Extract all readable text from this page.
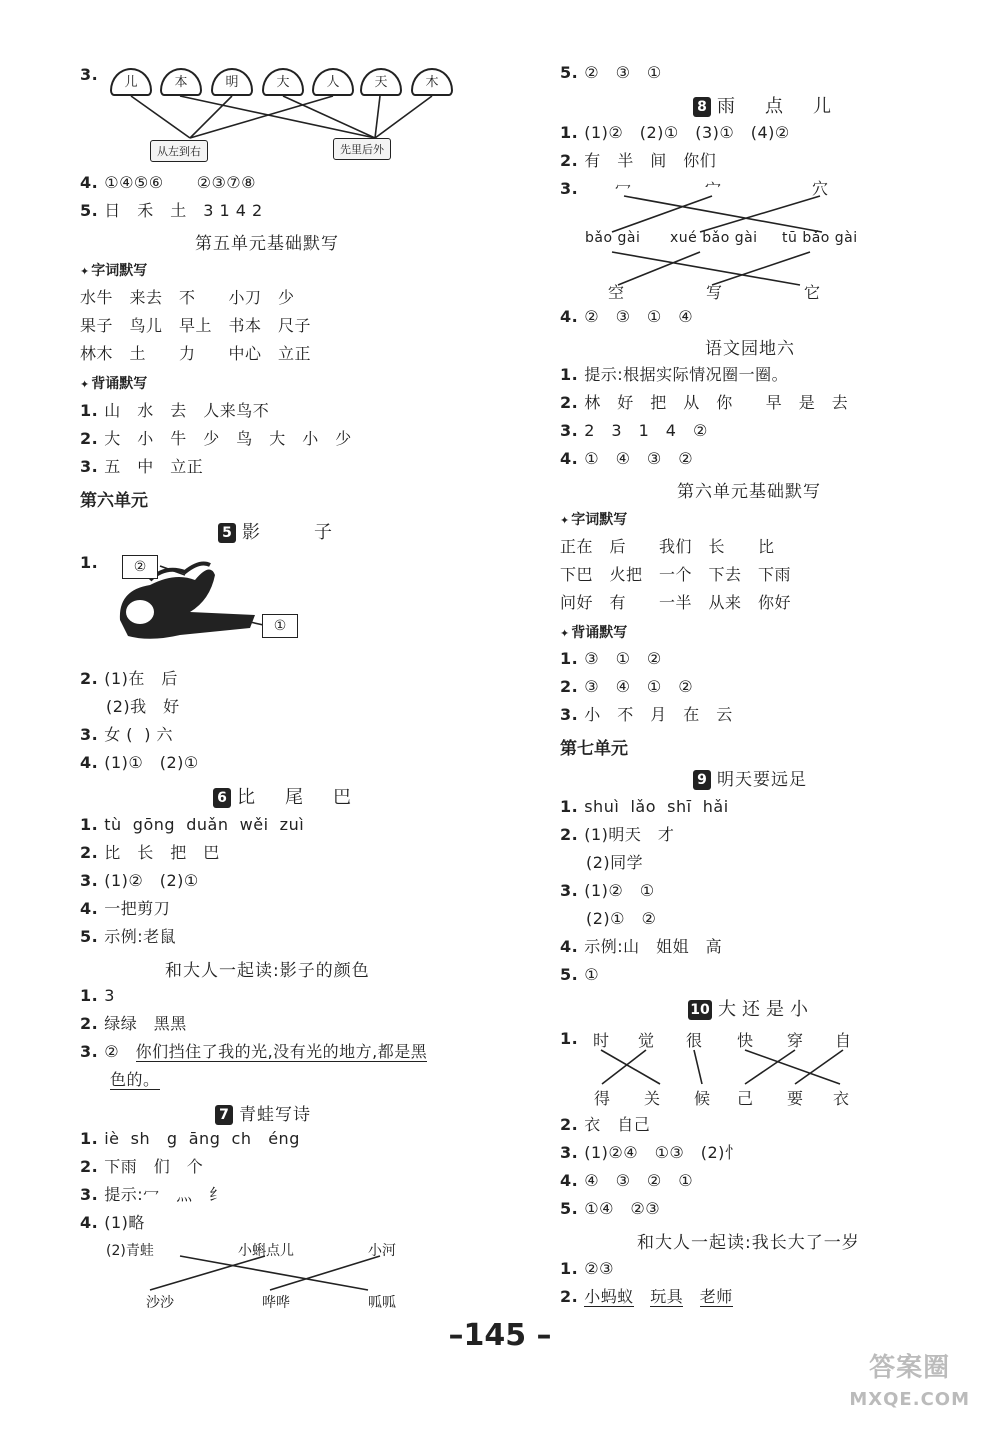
3.	儿	本	明	大	人	天	木
从左到右	先里后外
4. ①④⑤⑥　　②③⑦⑧
5. 日　禾　土　3 1 4 2
第五单元基础默写
✦ 字词默写
水牛　来去　不　　小刀　少
果子　鸟儿　早上　书本　尺子
林木　土　　力　　中心　立正
✦ 背诵默写
1. 山　水　去　人来鸟不
2. 大　小　牛　少　鸟　大　小　少
3. 五　中　立正
第六单元
5 影　　子
1.	②
①
2. (1)在　后
(2)我　好
3. 女 (  ) 六
4. (1)①　(2)①
6 比　尾　巴
1. tù  gōng  duǎn  wěi  zuì
2. 比　长　把　巴
3. (1)②　(2)①
4. 一把剪刀
5. 示例:老鼠
和大人一起读:影子的颜色
1. 3
2. 绿绿　黑黑
3. ②　你们挡住了我的光,没有光的地方,都是黑
色的。
7 青蛙写诗
1. iè  sh   g  āng  ch   éng
2. 下雨　们　个
3. 提示:冖　灬　纟
4. (1)略
(2)青蛙	小蝌点儿	小河
沙沙	哗哗	呱呱
5. ②　③　①
8 雨　点　儿
1. (1)②　(2)①　(3)①　(4)②
2. 有　半　间　你们
3.	冖	宀	穴
bǎo gài xué bǎo gài tū bǎo gài
空	写	它
4. ②　③　①　④
语文园地六
1. 提示:根据实际情况圈一圈。
2. 林　好　把　从　你　　早　是　去
3. 2　3　1　4　②
4. ①　④　③　②
第六单元基础默写
✦ 字词默写
正在　后　　我们　长　　比
下巴　火把　一个　下去　下雨
问好　有　　一半　从来　你好
✦ 背诵默写
1. ③　①　②
2. ③　④　①　②
3. 小　不　月　在　云
第七单元
9 明天要远足
1. shuì  lǎo  shī  hǎi
2. (1)明天　才
(2)同学
3. (1)②　①
(2)①　②
4. 示例:山　姐姐　高
5. ①
10 大还是小
1. 时 觉 很 快 穿 自
得 关 候 己 要 衣
2. 衣　自己
3. (1)②④　①③　(2)忄
4. ④　③　②　①
5. ①④　②③
和大人一起读:我长大了一岁
1. ②③
2. 小蚂蚁　 玩具　 老师
–145 –
答案圈
MXQE.COM
